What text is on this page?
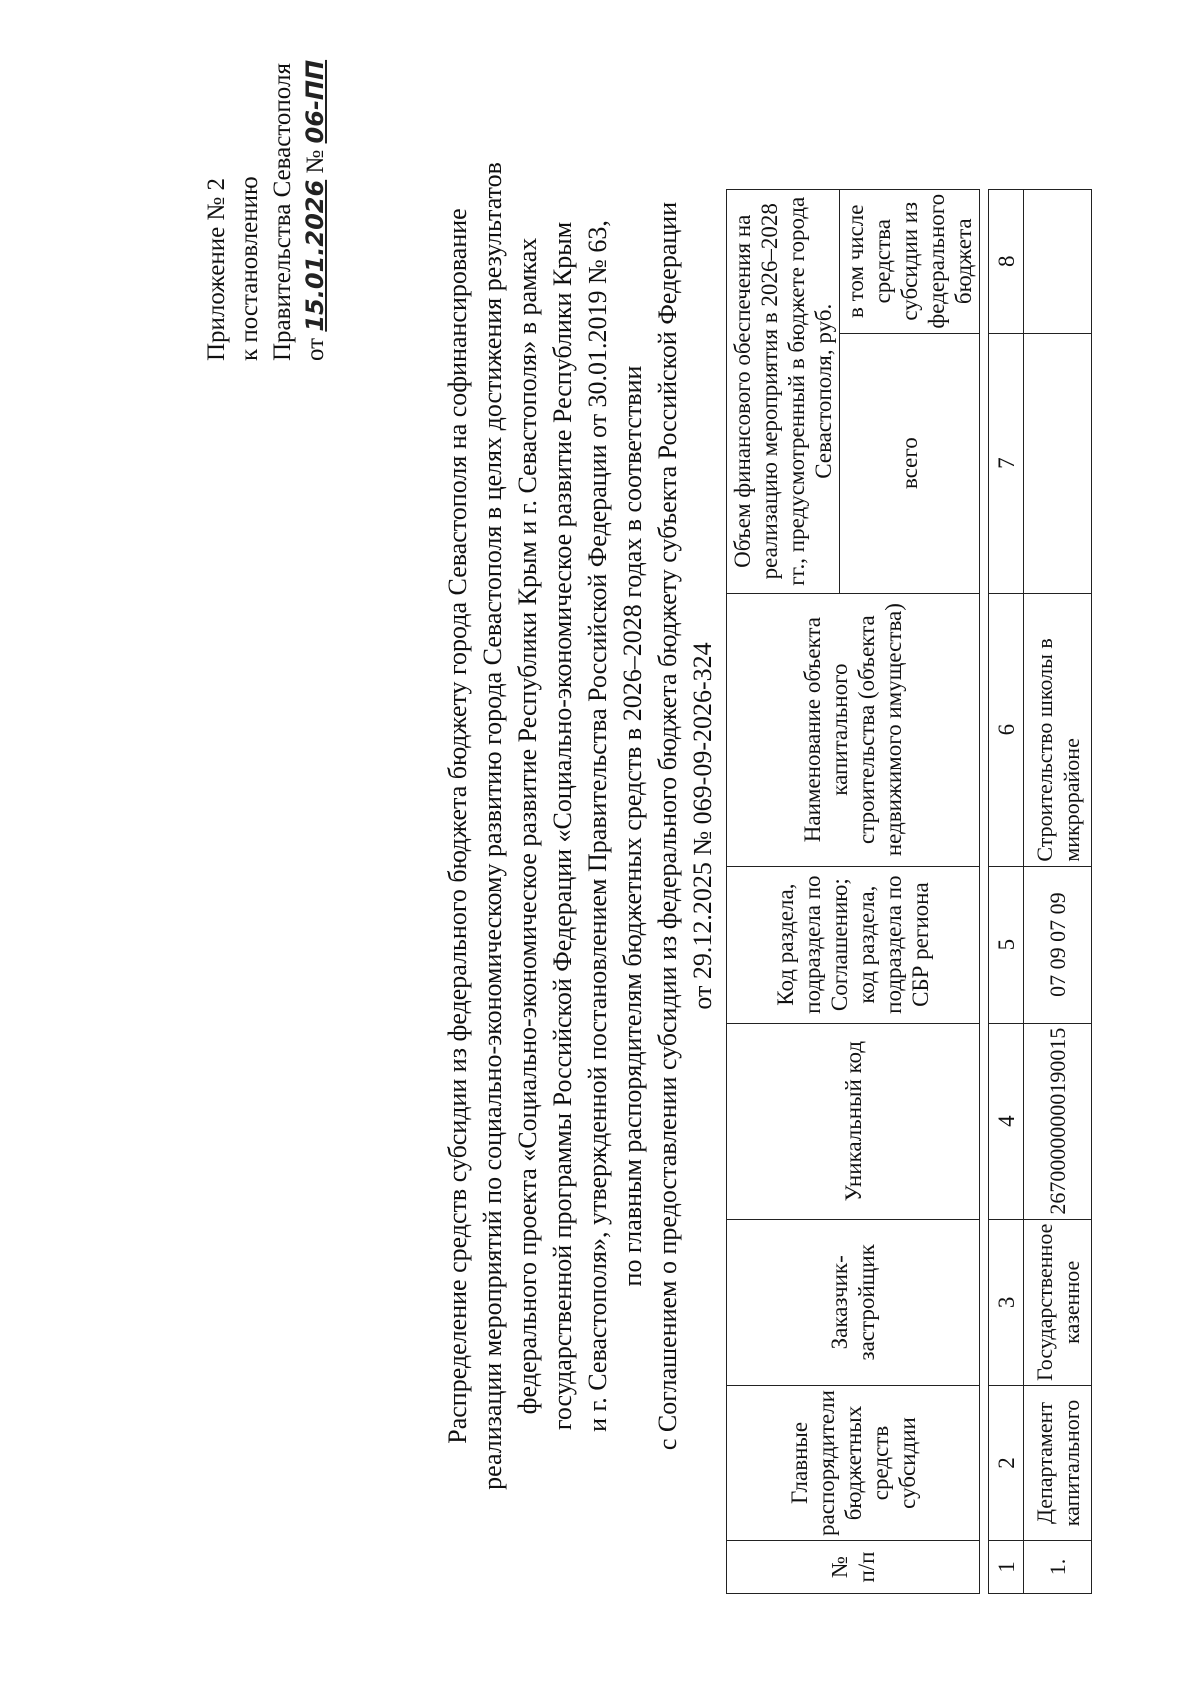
Приложение № 2 к постановлению Правительства Севастополя от 15.01.2026 № 06-ПП
Распределение средств субсидии из федерального бюджета бюджету города Севастополя на софинансирование реализации мероприятий по социально-экономическому развитию города Севастополя в целях достижения результатов федерального проекта «Социально-экономическое развитие Республики Крым и г. Севастополя» в рамках государственной программы Российской Федерации «Социально-экономическое развитие Республики Крым и г. Севастополя», утвержденной постановлением Правительства Российской Федерации от 30.01.2019 № 63, по главным распорядителям бюджетных средств в 2026–2028 годах в соответствии с Соглашением о предоставлении субсидии из федерального бюджета бюджету субъекта Российской Федерации от 29.12.2025 № 069-09-2026-324
№ п/п	Главные распорядители бюджетных средств субсидии	Заказчик-застройщик	Уникальный код	Код раздела, подраздела по Соглашению; код раздела, подраздела по СБР региона	Наименование объекта капитального строительства (объекта недвижимого имущества)	Объем финансового обеспечения на реализацию мероприятия в 2026–2028 гг., предусмотренный в бюджете города Севастополя, руб.	
						всего	в том числе средства субсидии из федерального бюджета

1	2	3	4	5	6	7	8
1.	Департамент капитального	Государственное казенное	26700000000190015	07 09 07 09	Строительство школы в микрорайоне		
